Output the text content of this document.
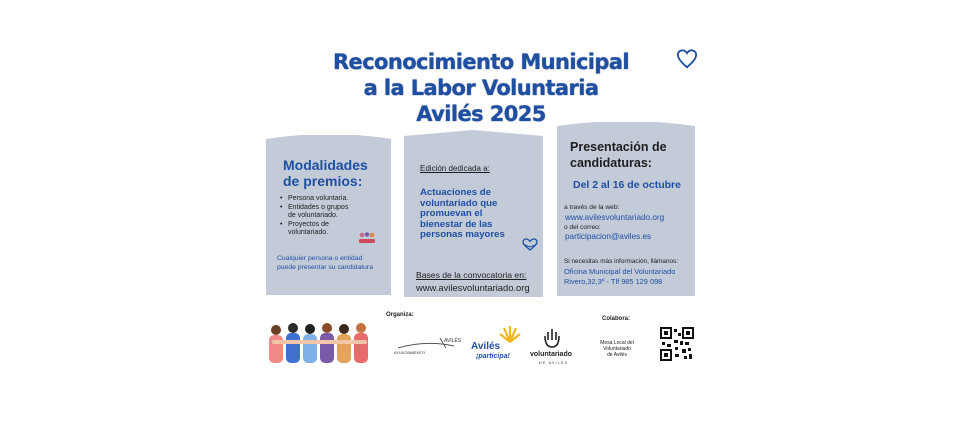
Reconocimiento Municipal
a la Labor Voluntaria
Avilés 2025
Modalidades
de premios:
• Persona voluntaria.
• Entidades o grupos de voluntariado.
• Proyectos de voluntariado.
Cualquier persona o entidad puede presentar su candidatura
Edición dedicada a:
Actuaciones de voluntariado que promuevan el bienestar de las personas mayores
Bases de la convocatoria en:
www.avilesvoluntariado.org
Presentación de
candidaturas:
Del 2 al 16 de octubre
a través de la web:
www.avilesvoluntariado.org
o del correo:
participacion@aviles.es
Si necesitas más información, llámanos:
Oficina Municipal del Voluntariado
Rivero,32,3º - Tlf 985 129 098
Organiza:
Colabora:
AVILÉS
AYUNTAMIENTO
Avilés
¡participa!	voluntariado
DE AVILÉS
Mesa Local del
Voluntariado
de Avilés
